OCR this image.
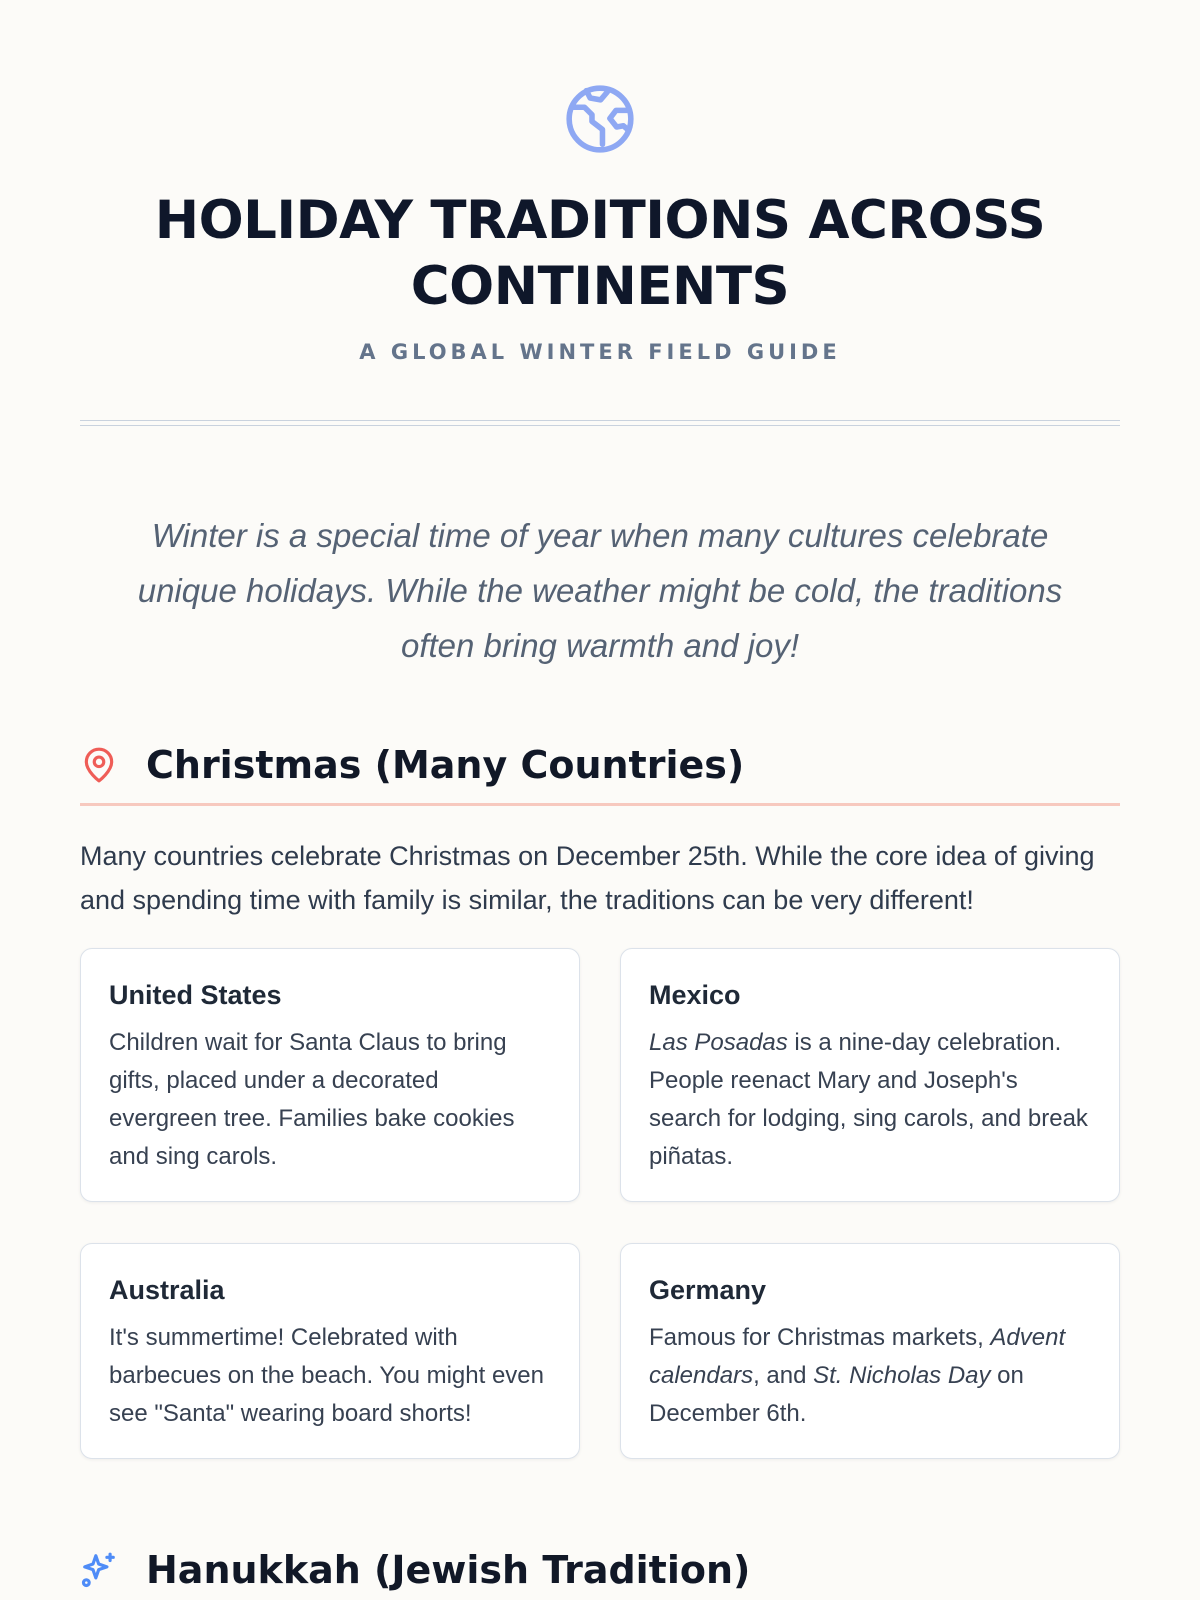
HOLIDAY TRADITIONS ACROSS CONTINENTS

A GLOBAL WINTER FIELD GUIDE

Winter is a special time of year when many cultures celebrate unique holidays. While the weather might be cold, the traditions often bring warmth and joy!

Christmas (Many Countries)

Many countries celebrate Christmas on December 25th. While the core idea of giving and spending time with family is similar, the traditions can be very different!

United States

Children wait for Santa Claus to bring gifts, placed under a decorated evergreen tree. Families bake cookies and sing carols.

Mexico

Las Posadas is a nine-day celebration. People reenact Mary and Joseph's search for lodging, sing carols, and break piñatas.

Australia

It's summertime! Celebrated with barbecues on the beach. You might even see "Santa" wearing board shorts!

Germany

Famous for Christmas markets, Advent calendars, and St. Nicholas Day on December 6th.

Hanukkah (Jewish Tradition)
